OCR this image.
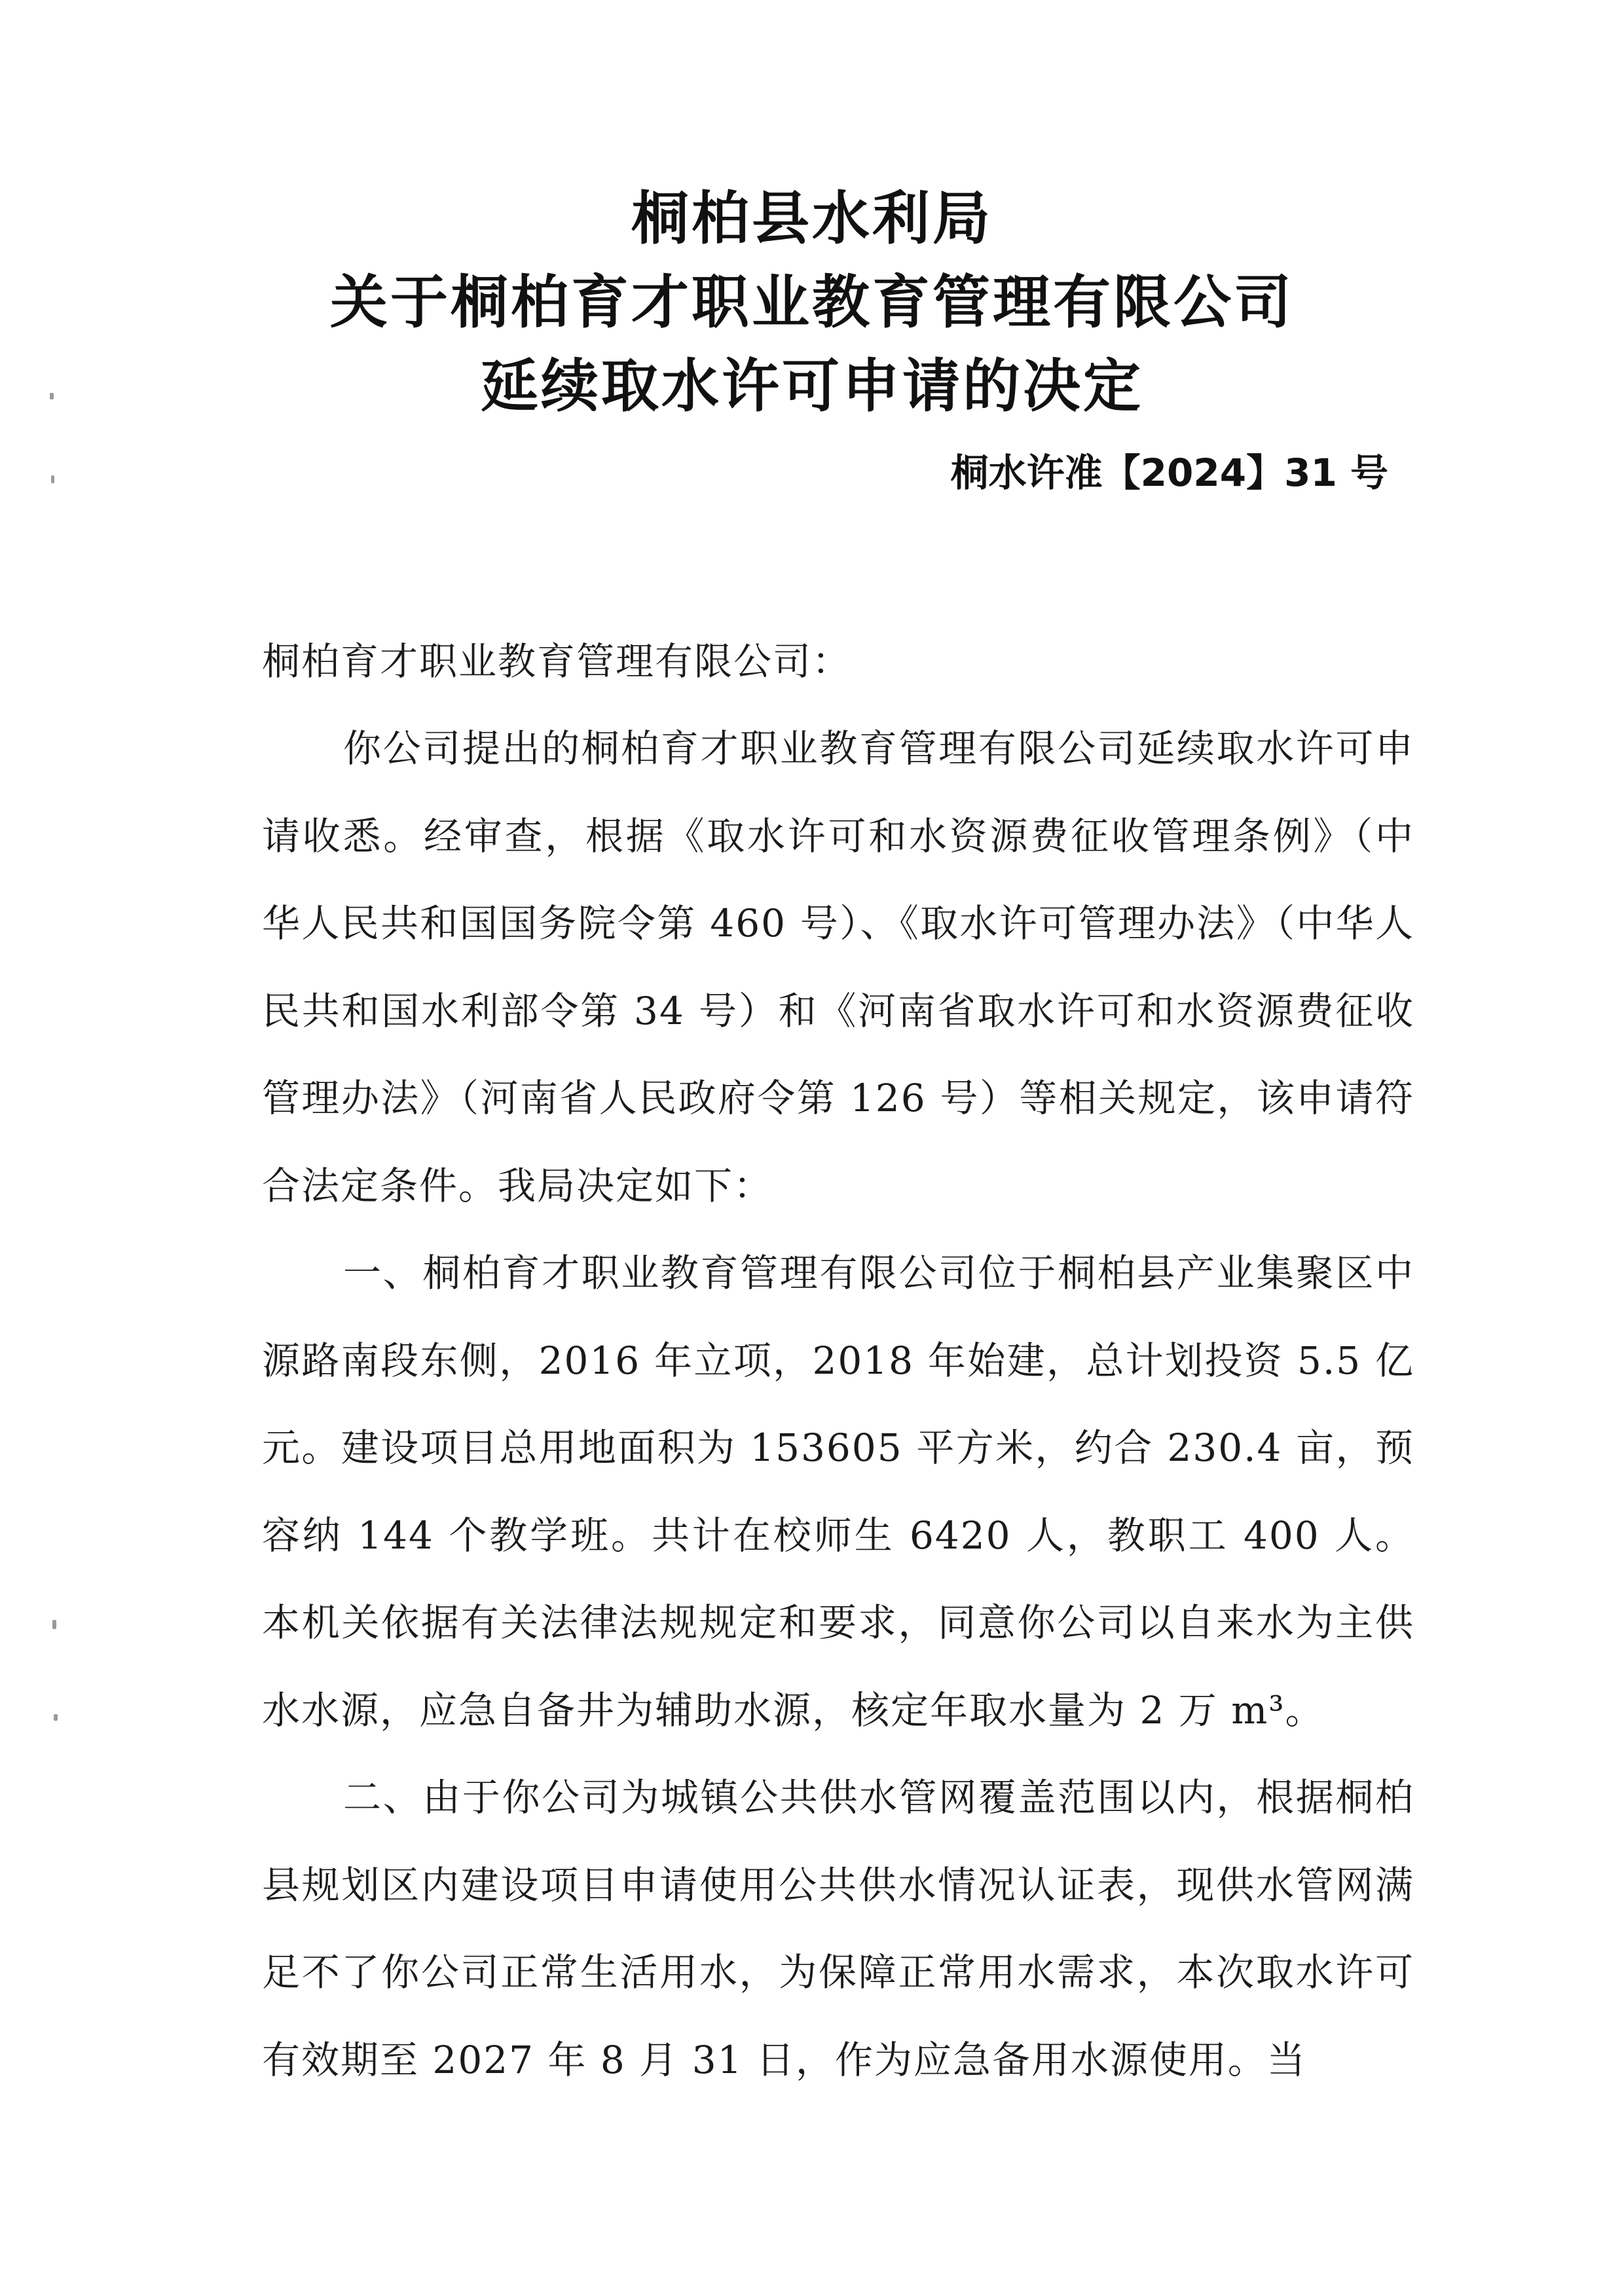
桐柏县水利局
关于桐柏育才职业教育管理有限公司
延续取水许可申请的决定
桐水许准【2024】31 号
桐柏育才职业教育管理有限公司：

你公司提出的桐柏育才职业教育管理有限公司延续取水许可申请收悉。经审查，根据《取水许可和水资源费征收管理条例》（中华人民共和国国务院令第 460 号）、《取水许可管理办法》（中华人民共和国水利部令第 34 号）和《河南省取水许可和水资源费征收管理办法》（河南省人民政府令第 126 号）等相关规定，该申请符合法定条件。我局决定如下：

一、桐柏育才职业教育管理有限公司位于桐柏县产业集聚区中源路南段东侧，2016 年立项，2018 年始建，总计划投资 5.5 亿元。建设项目总用地面积为 153605 平方米，约合 230.4 亩，预容纳 144 个教学班。共计在校师生 6420 人，教职工 400 人。本机关依据有关法律法规规定和要求，同意你公司以自来水为主供水水源，应急自备井为辅助水源，核定年取水量为 2 万 m³。

二、由于你公司为城镇公共供水管网覆盖范围以内，根据桐柏县规划区内建设项目申请使用公共供水情况认证表，现供水管网满足不了你公司正常生活用水，为保障正常用水需求，本次取水许可有效期至 2027 年 8 月 31 日，作为应急备用水源使用。当
